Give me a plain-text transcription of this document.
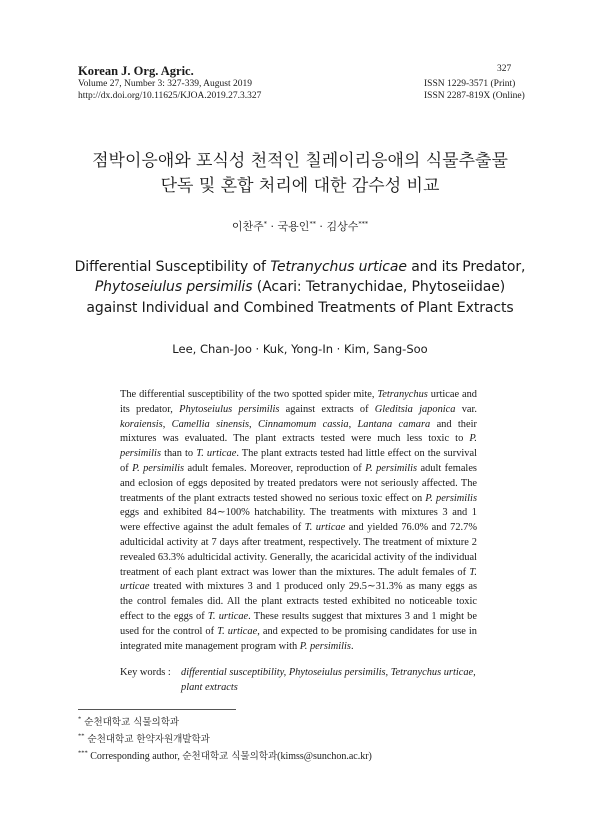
Korean J. Org. Agric.
Volume 27, Number 3: 327-339, August 2019
http://dx.doi.org/10.11625/KJOA.2019.27.3.327
327
ISSN 1229-3571 (Print)
ISSN 2287-819X (Online)
점박이응애와 포식성 천적인 칠레이리응애의 식물추출물
단독 및 혼합 처리에 대한 감수성 비교
이찬주* · 국용인** · 김상수***
Differential Susceptibility of Tetranychus urticae and its Predator,
Phytoseiulus persimilis (Acari: Tetranychidae, Phytoseiidae)
against Individual and Combined Treatments of Plant Extracts
Lee, Chan-Joo · Kuk, Yong-In · Kim, Sang-Soo
The differential susceptibility of the two spotted spider mite, Tetranychus urticae and its predator, Phytoseiulus persimilis against extracts of Gleditsia japonica var. koraiensis, Camellia sinensis, Cinnamomum cassia, Lantana camara and their mixtures was evaluated. The plant extracts tested were much less toxic to P. persimilis than to T. urticae. The plant extracts tested had little effect on the survival of P. persimilis adult females. Moreover, reproduction of P. persimilis adult females and eclosion of eggs deposited by treated predators were not seriously affected. The treatments of the plant extracts tested showed no serious toxic effect on P. persimilis eggs and exhibited 84∼100% hatchability. The treatments with mixtures 3 and 1 were effective against the adult females of T. urticae and yielded 76.0% and 72.7% adulticidal activity at 7 days after treatment, respectively. The treatment of mixture 2 revealed 63.3% adulticidal activity. Generally, the acaricidal activity of the individual treatment of each plant extract was lower than the mixtures. The adult females of T. urticae treated with mixtures 3 and 1 produced only 29.5∼31.3% as many eggs as the control females did. All the plant extracts tested exhibited no noticeable toxic effect to the eggs of T. urticae. These results suggest that mixtures 3 and 1 might be used for the control of T. urticae, and expected to be promising candidates for use in integrated mite management program with P. persimilis.
Key words : differential susceptibility, Phytoseiulus persimilis, Tetranychus urticae,
plant extracts
* 순천대학교 식물의학과
** 순천대학교 한약자원개발학과
*** Corresponding author, 순천대학교 식물의학과(kimss@sunchon.ac.kr)
